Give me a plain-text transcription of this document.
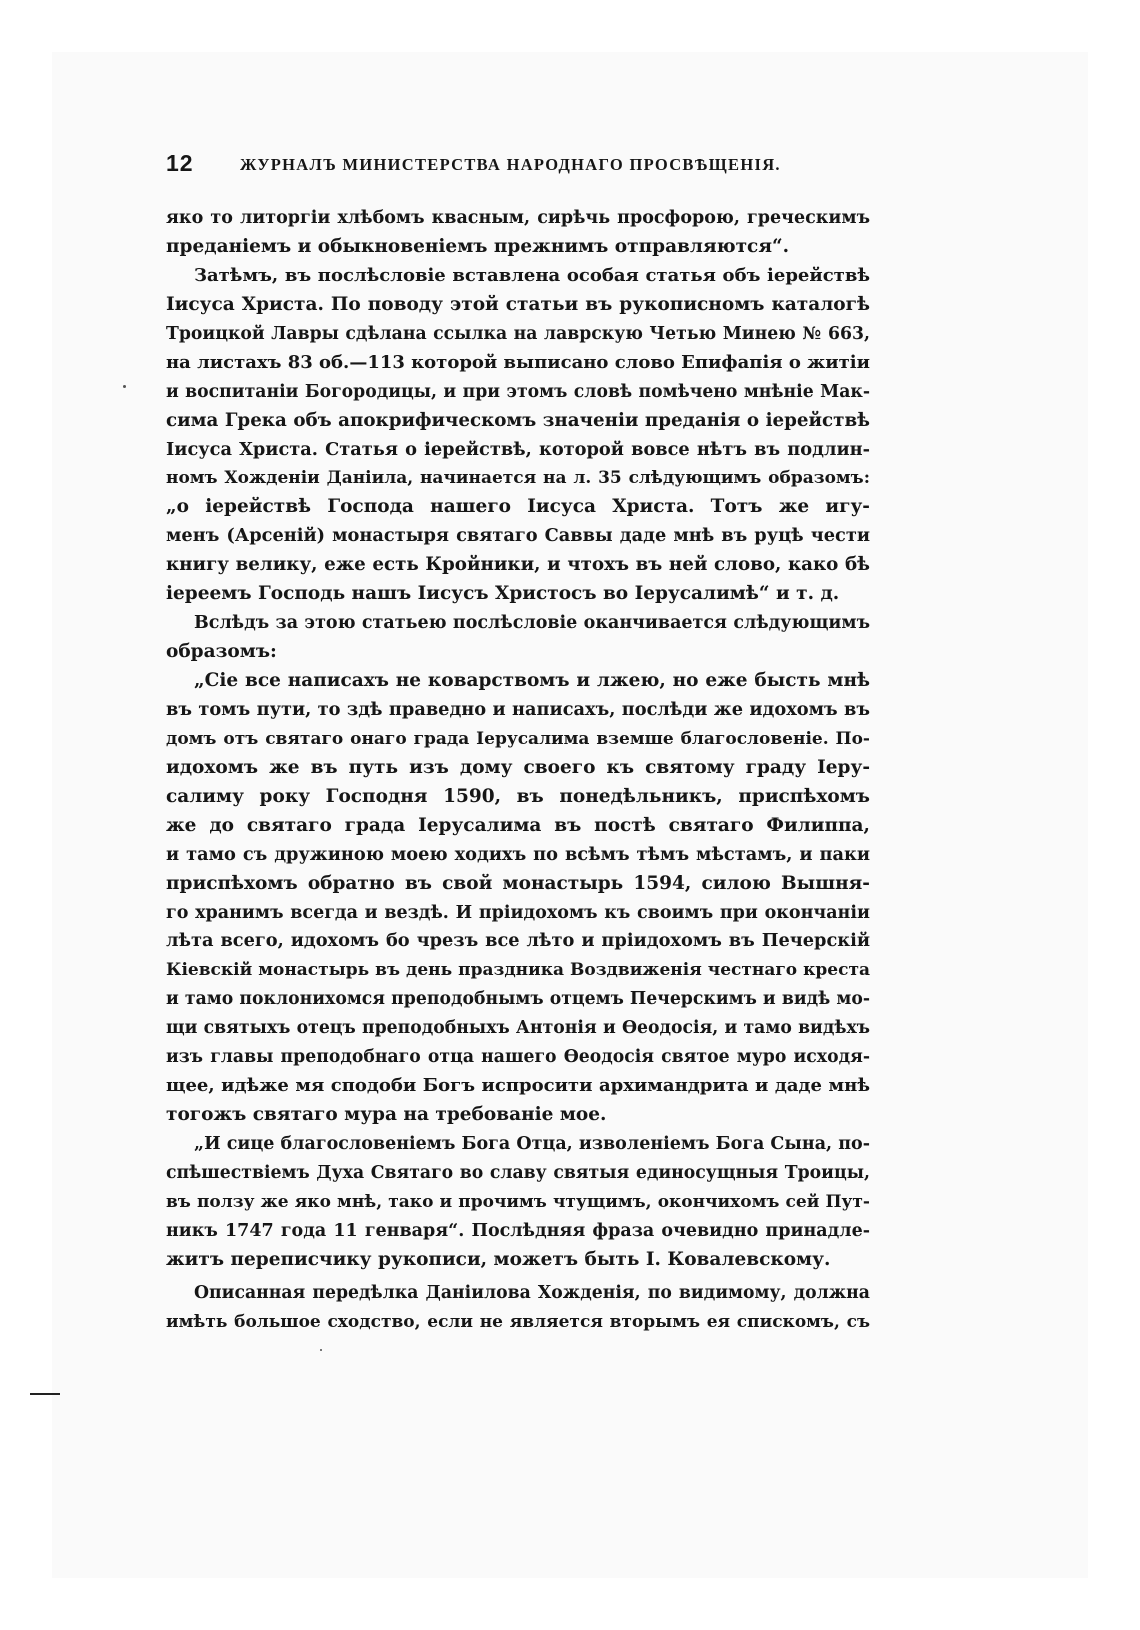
12	ЖУРНАЛЪ МИНИСТЕРСТВА НАРОДНАГО ПРОСВѢЩЕНІЯ.
яко то литоргіи хлѣбомъ квасным, сирѣчь просфорою, греческимъ
преданіемъ и обыкновеніемъ прежнимъ отправляются“.
Затѣмъ, въ послѣсловіе вставлена особая статья объ іерействѣ
Іисуса Христа. По поводу этой статьи въ рукописномъ каталогѣ
Троицкой Лавры сдѣлана ссылка на лаврскую Четью Минею № 663,
на листахъ 83 об.—113 которой выписано слово Епифапія о житіи
и воспитаніи Богородицы, и при этомъ словѣ помѣчено мнѣніе Мак-
сима Грека объ апокрифическомъ значеніи преданія о іерействѣ
Іисуса Христа. Статья о іерействѣ, которой вовсе нѣтъ въ подлин-
номъ Хожденіи Даніила, начинается на л. 35 слѣдующимъ образомъ:
„о іерействѣ Господа нашего Іисуса Христа. Тотъ же игу-
менъ (Арсеній) монастыря святаго Саввы даде мнѣ въ руцѣ чести
книгу велику, еже есть Кройники, и чтохъ въ ней слово, како бѣ
іереемъ Господь нашъ Іисусъ Христосъ во Іерусалимѣ“ и т. д.
Вслѣдъ за этою статьею послѣсловіе оканчивается слѣдующимъ
образомъ:
„Сіе все написахъ не коварствомъ и лжею, но еже бысть мнѣ
въ томъ пути, то здѣ праведно и написахъ, послѣди же идохомъ въ
домъ отъ святаго онаго града Іерусалима вземше благословеніе. По-
идохомъ же въ путь изъ дому своего къ святому граду Іеру-
салиму року Господня 1590, въ понедѣльникъ, приспѣхомъ
же до святаго града Іерусалима въ постѣ святаго Филиппа,
и тамо съ дружиною моею ходихъ по всѣмъ тѣмъ мѣстамъ, и паки
приспѣхомъ обратно въ свой монастырь 1594, силою Вышня-
го хранимъ всегда и вездѣ. И пріидохомъ къ своимъ при окончаніи
лѣта всего, идохомъ бо чрезъ все лѣто и пріидохомъ въ Печерскій
Кіевскій монастырь въ день праздника Воздвиженія честнаго креста
и тамо поклонихомся преподобнымъ отцемъ Печерскимъ и видѣ мо-
щи святыхъ отецъ преподобныхъ Антонія и Ѳеодосія, и тамо видѣхъ
изъ главы преподобнаго отца нашего Ѳеодосія святое муро исходя-
щее, идѣже мя сподоби Богъ испросити архимандрита и даде мнѣ
тогожъ святаго мура на требованіе мое.
„И сице благословеніемъ Бога Отца, изволеніемъ Бога Сына, по-
спѣшествіемъ Духа Святаго во славу святыя единосущныя Троицы,
въ ползу же яко мнѣ, тако и прочимъ чтущимъ, окончихомъ сей Пут-
никъ 1747 года 11 генваря“. Послѣдняя фраза очевидно принадле-
житъ переписчику рукописи, можетъ быть І. Ковалевскому.
Описанная передѣлка Даніилова Хожденія, по видимому, должна
имѣть большое сходство, если не является вторымъ ея спискомъ, съ
